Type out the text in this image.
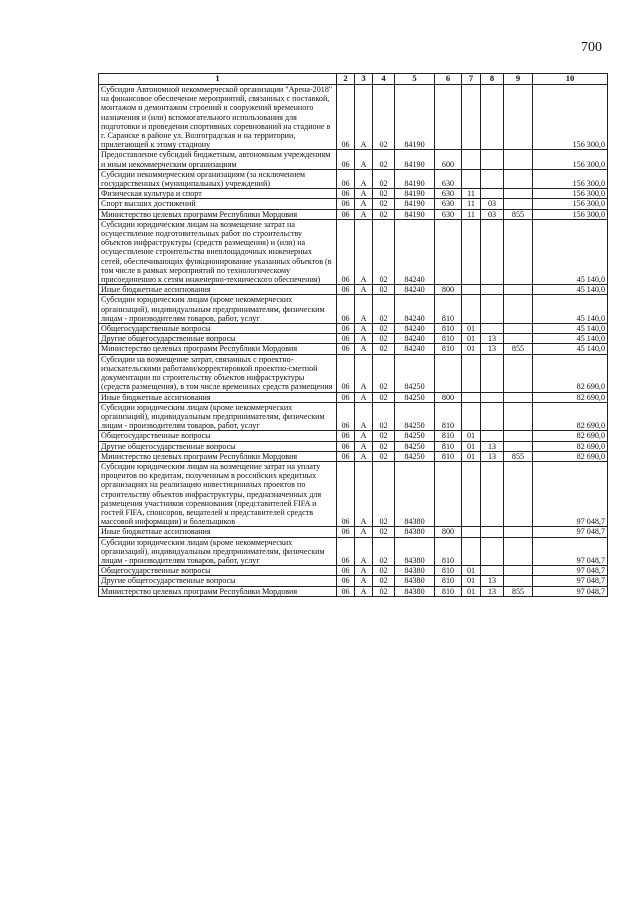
700
1	2	3	4	5	6	7	8	9	10
Субсидия Автономной некоммерческой организации "Арена-2018" на финансовое обеспечение мероприятий, связанных с поставкой, монтажом и демонтажом строений и сооружений временного назначения и (или) вспомогательного использования для подготовки и проведения спортивных соревнований на стадионе в г. Саранске в районе ул. Волгоградская и на территории, прилегающей к этому стадиону	06	А	02	84190					156 300,0
Предоставление субсидий бюджетным, автономным учреждениям и иным некоммерческим организациям	06	А	02	84190	600				156 300,0
Субсидии некоммерческим организациям (за исключением государственных (муниципальных) учреждений)	06	А	02	84190	630				156 300,0
Физическая культура и спорт	06	А	02	84190	630	11			156 300,0
Спорт высших достижений	06	А	02	84190	630	11	03		156 300,0
Министерство целевых программ Республики Мордовия	06	А	02	84190	630	11	03	855	156 300,0
Субсидии юридическим лицам на возмещение затрат на осуществление подготовительных работ по строительству объектов инфраструктуры (средств размещения) и (или) на осуществление строительства внеплощадочных инженерных сетей, обеспечивающих функционирование указанных объектов (в том числе в рамках мероприятий по технологическому присоединению к сетям инженерно-технического обеспечения)	06	А	02	84240					45 140,0
Иные бюджетные ассигнования	06	А	02	84240	800				45 140,0
Субсидии юридическим лицам (кроме некоммерческих организаций), индивидуальным предпринимателям, физическим лицам - производителям товаров, работ, услуг	06	А	02	84240	810				45 140,0
Общегосударственные вопросы	06	А	02	84240	810	01			45 140,0
Другие общегосударственные вопросы	06	А	02	84240	810	01	13		45 140,0
Министерство целевых программ Республики Мордовия	06	А	02	84240	810	01	13	855	45 140,0
Субсидии на возмещение затрат, связанных с проектно-изыскательскими работами/корректировкой проектно-сметной документации по строительству объектов инфраструктуры (средств размещения), в том числе временных средств размещения	06	А	02	84250					82 690,0
Иные бюджетные ассигнования	06	А	02	84250	800				82 690,0
Субсидии юридическим лицам (кроме некоммерческих организаций), индивидуальным предпринимателям, физическим лицам - производителям товаров, работ, услуг	06	А	02	84250	810				82 690,0
Общегосударственные вопросы	06	А	02	84250	810	01			82 690,0
Другие общегосударственные вопросы	06	А	02	84250	810	01	13		82 690,0
Министерство целевых программ Республики Мордовия	06	А	02	84250	810	01	13	855	82 690,0
Субсидии юридическим лицам на возмещение затрат на уплату процентов по кредитам, полученным в российских кредитных организациях на реализацию инвестиционных проектов по строительству объектов инфраструктуры, предназначенных для размещения участников соревнования (представителей FIFA и гостей FIFA, спонсоров, вещателей и представителей средств массовой информации) и болельщиков	06	А	02	84380					97 048,7
Иные бюджетные ассигнования	06	А	02	84380	800				97 048,7
Субсидии юридическим лицам (кроме некоммерческих организаций), индивидуальным предпринимателям, физическим лицам - производителям товаров, работ, услуг	06	А	02	84380	810				97 048,7
Общегосударственные вопросы	06	А	02	84380	810	01			97 048,7
Другие общегосударственные вопросы	06	А	02	84380	810	01	13		97 048,7
Министерство целевых программ Республики Мордовия	06	А	02	84380	810	01	13	855	97 048,7
